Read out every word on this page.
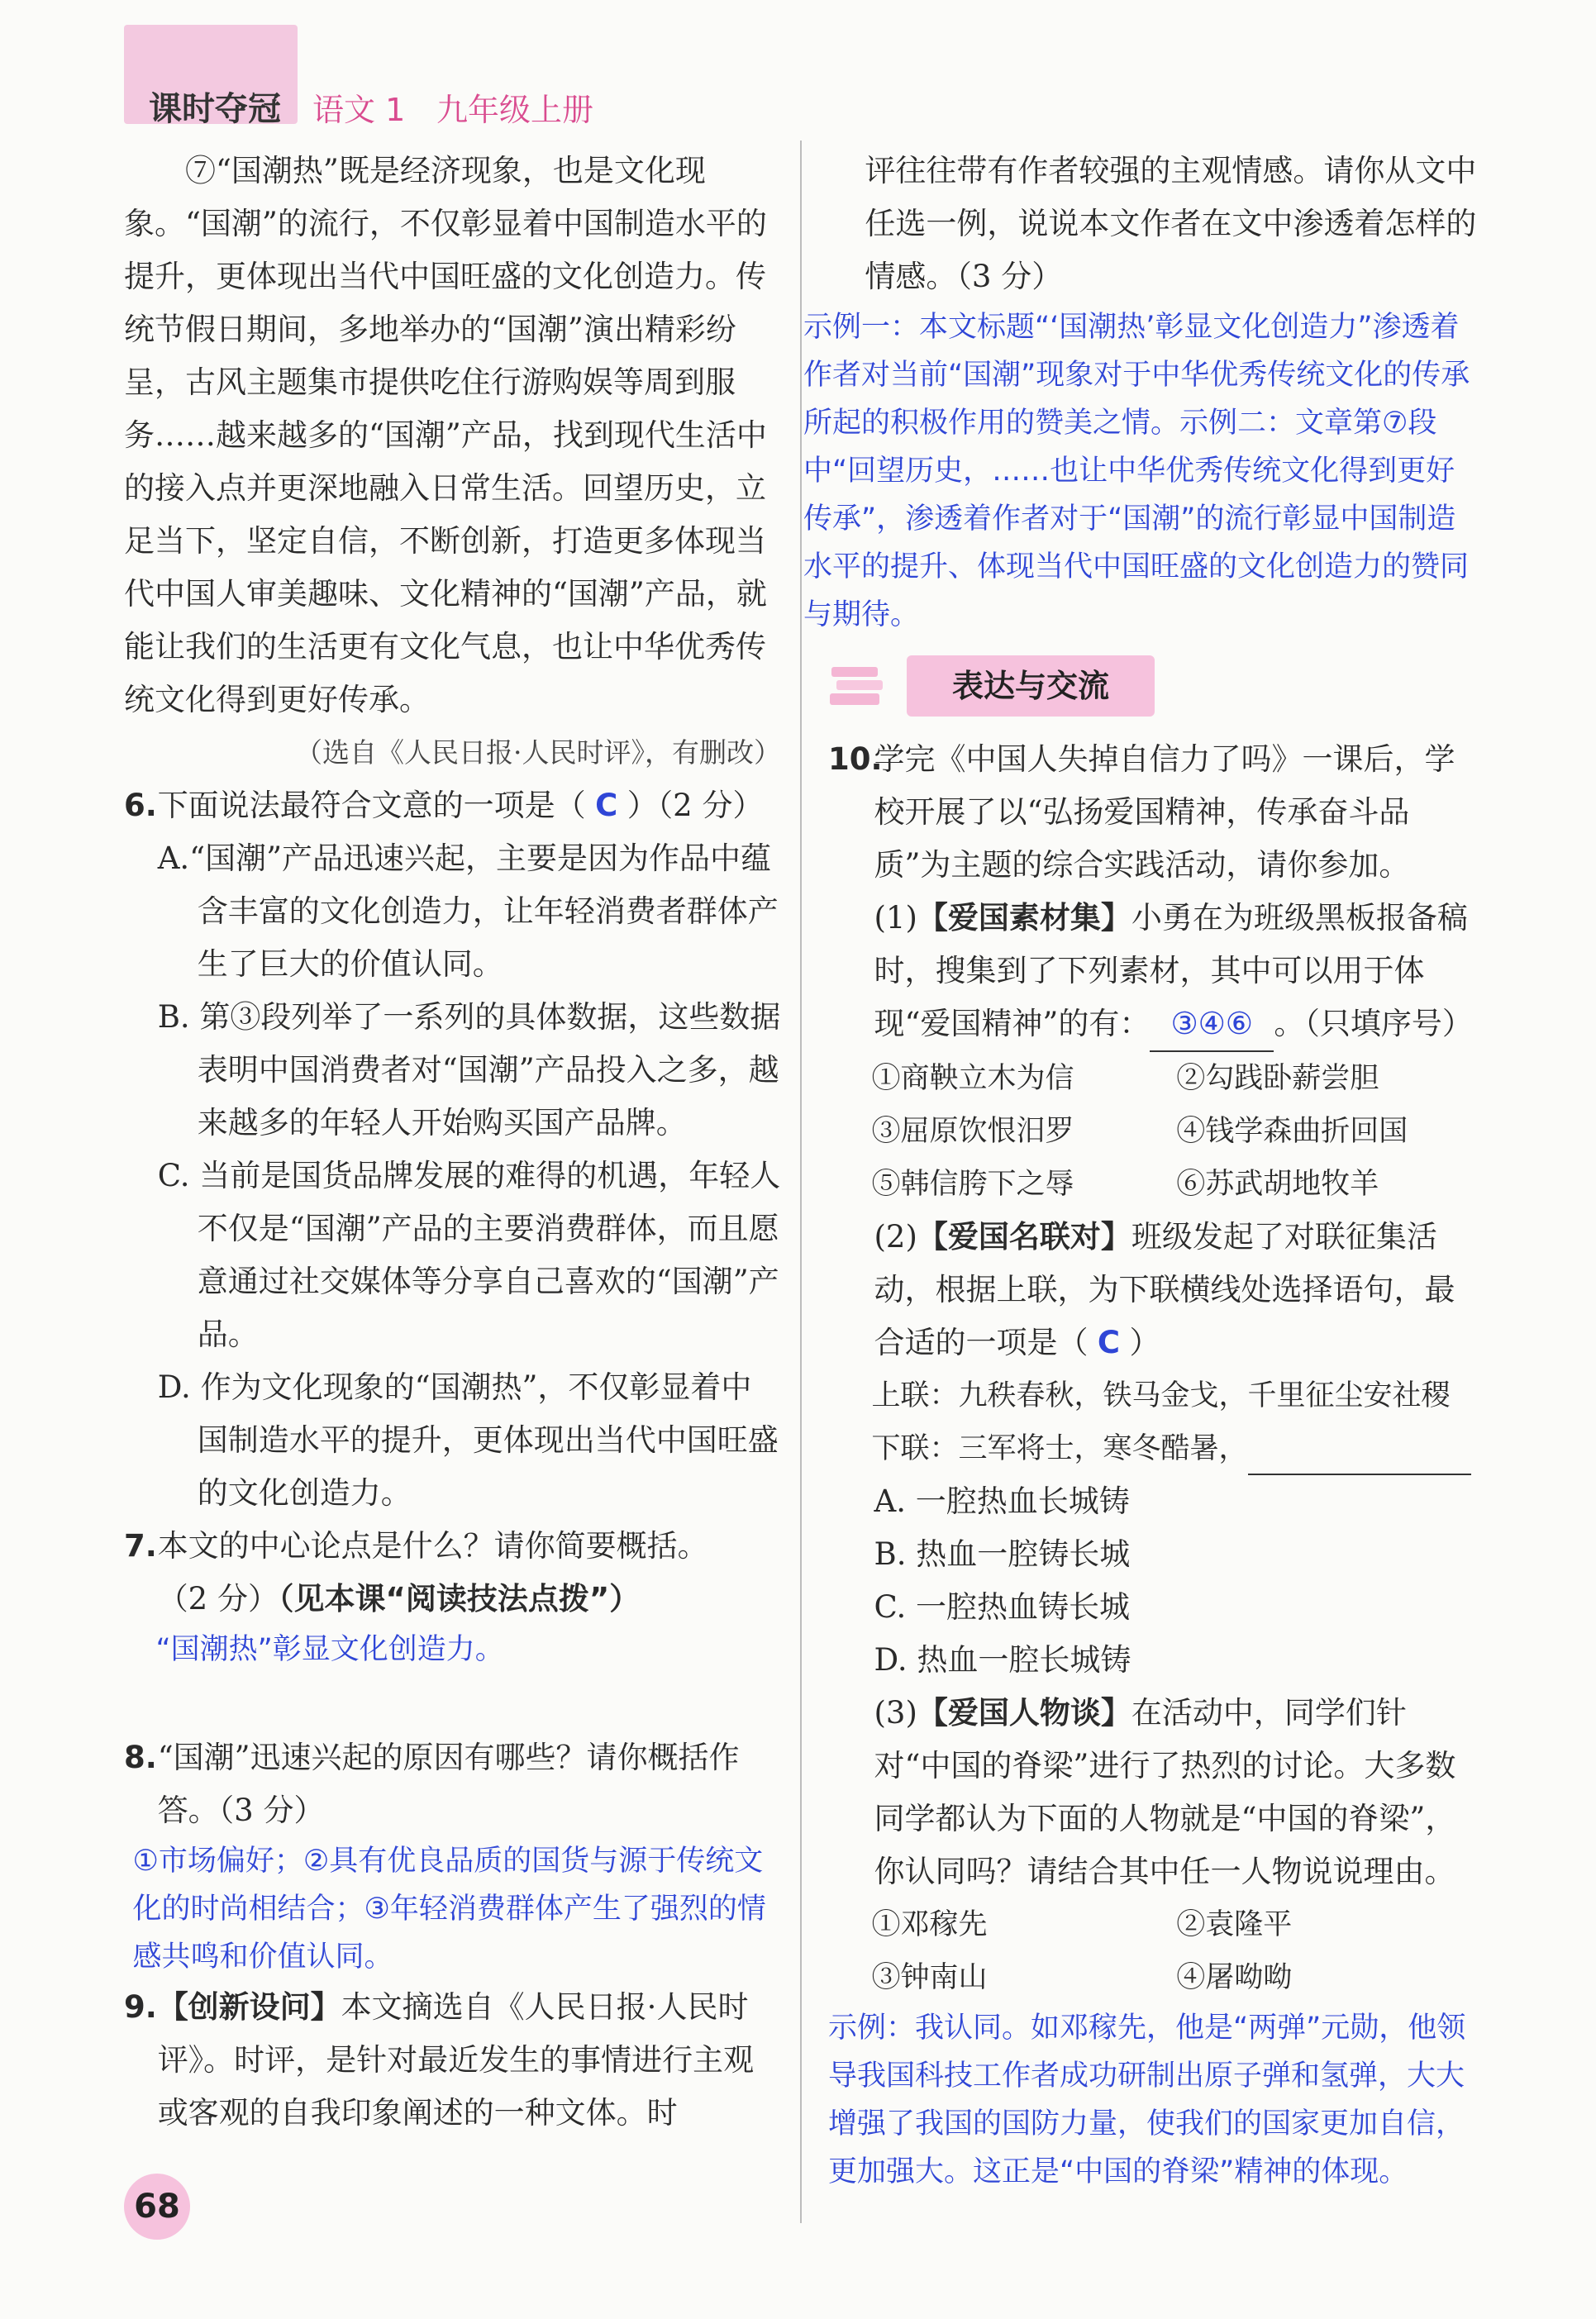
课时夺冠 语文 1 九年级上册

⑦“国潮热”既是经济现象，也是文化现象。“国潮”的流行，不仅彰显着中国制造水平的提升，更体现出当代中国旺盛的文化创造力。传统节假日期间，多地举办的“国潮”演出精彩纷呈，古风主题集市提供吃住行游购娱等周到服务……越来越多的“国潮”产品，找到现代生活中的接入点并更深地融入日常生活。回望历史，立足当下，坚定自信，不断创新，打造更多体现当代中国人审美趣味、文化精神的“国潮”产品，就能让我们的生活更有文化气息，也让中华优秀传统文化得到更好传承。

（选自《人民日报·人民时评》，有删改）

6. 下面说法最符合文意的一项是（ C ）（2 分）

A.“国潮”产品迅速兴起，主要是因为作品中蕴含丰富的文化创造力，让年轻消费者群体产生了巨大的价值认同。

B. 第③段列举了一系列的具体数据，这些数据表明中国消费者对“国潮”产品投入之多，越来越多的年轻人开始购买国产品牌。

C. 当前是国货品牌发展的难得的机遇，年轻人不仅是“国潮”产品的主要消费群体，而且愿意通过社交媒体等分享自己喜欢的“国潮”产品。

D. 作为文化现象的“国潮热”，不仅彰显着中国制造水平的提升，更体现出当代中国旺盛的文化创造力。

7. 本文的中心论点是什么？请你简要概括。
（2 分）（见本课“阅读技法点拨”）

“国潮热”彰显文化创造力。

8. “国潮”迅速兴起的原因有哪些？请你概括作答。（3 分）

①市场偏好；②具有优良品质的国货与源于传统文化的时尚相结合；③年轻消费群体产生了强烈的情感共鸣和价值认同。

9. 【创新设问】本文摘选自《人民日报·人民时评》。时评，是针对最近发生的事情进行主观或客观的自我印象阐述的一种文体。时

评往往带有作者较强的主观情感。请你从文中任选一例，说说本文作者在文中渗透着怎样的情感。（3 分）

示例一：本文标题“‘国潮热’彰显文化创造力”渗透着作者对当前“国潮”现象对于中华优秀传统文化的传承所起的积极作用的赞美之情。示例二：文章第⑦段中“回望历史，……也让中华优秀传统文化得到更好传承”，渗透着作者对于“国潮”的流行彰显中国制造水平的提升、体现当代中国旺盛的文化创造力的赞同与期待。

表达与交流
10.
学完《中国人失掉自信力了吗》一课后，学校开展了以“弘扬爱国精神，传承奋斗品质”为主题的综合实践活动，请你参加。

(1)【爱国素材集】小勇在为班级黑板报备稿时，搜集到了下列素材，其中可以用于体现“爱国精神”的有： ③④⑥ 。（只填序号）

①商鞅立木为信	②勾践卧薪尝胆
③屈原饮恨汨罗	④钱学森曲折回国
⑤韩信胯下之辱	⑥苏武胡地牧羊

(2)【爱国名联对】班级发起了对联征集活动，根据上联，为下联横线处选择语句，最合适的一项是（ C ）

上联：九秩春秋，铁马金戈，千里征尘安社稷

下联：三军将士，寒冬酷暑，

A. 一腔热血长城铸

B. 热血一腔铸长城

C. 一腔热血铸长城

D. 热血一腔长城铸

(3)【爱国人物谈】在活动中，同学们针对“中国的脊梁”进行了热烈的讨论。大多数同学都认为下面的人物就是“中国的脊梁”，你认同吗？请结合其中任一人物说说理由。

①邓稼先	②袁隆平
③钟南山	④屠呦呦

示例：我认同。如邓稼先，他是“两弹”元勋，他领导我国科技工作者成功研制出原子弹和氢弹，大大增强了我国的国防力量，使我们的国家更加自信，更加强大。这正是“中国的脊梁”精神的体现。

68
